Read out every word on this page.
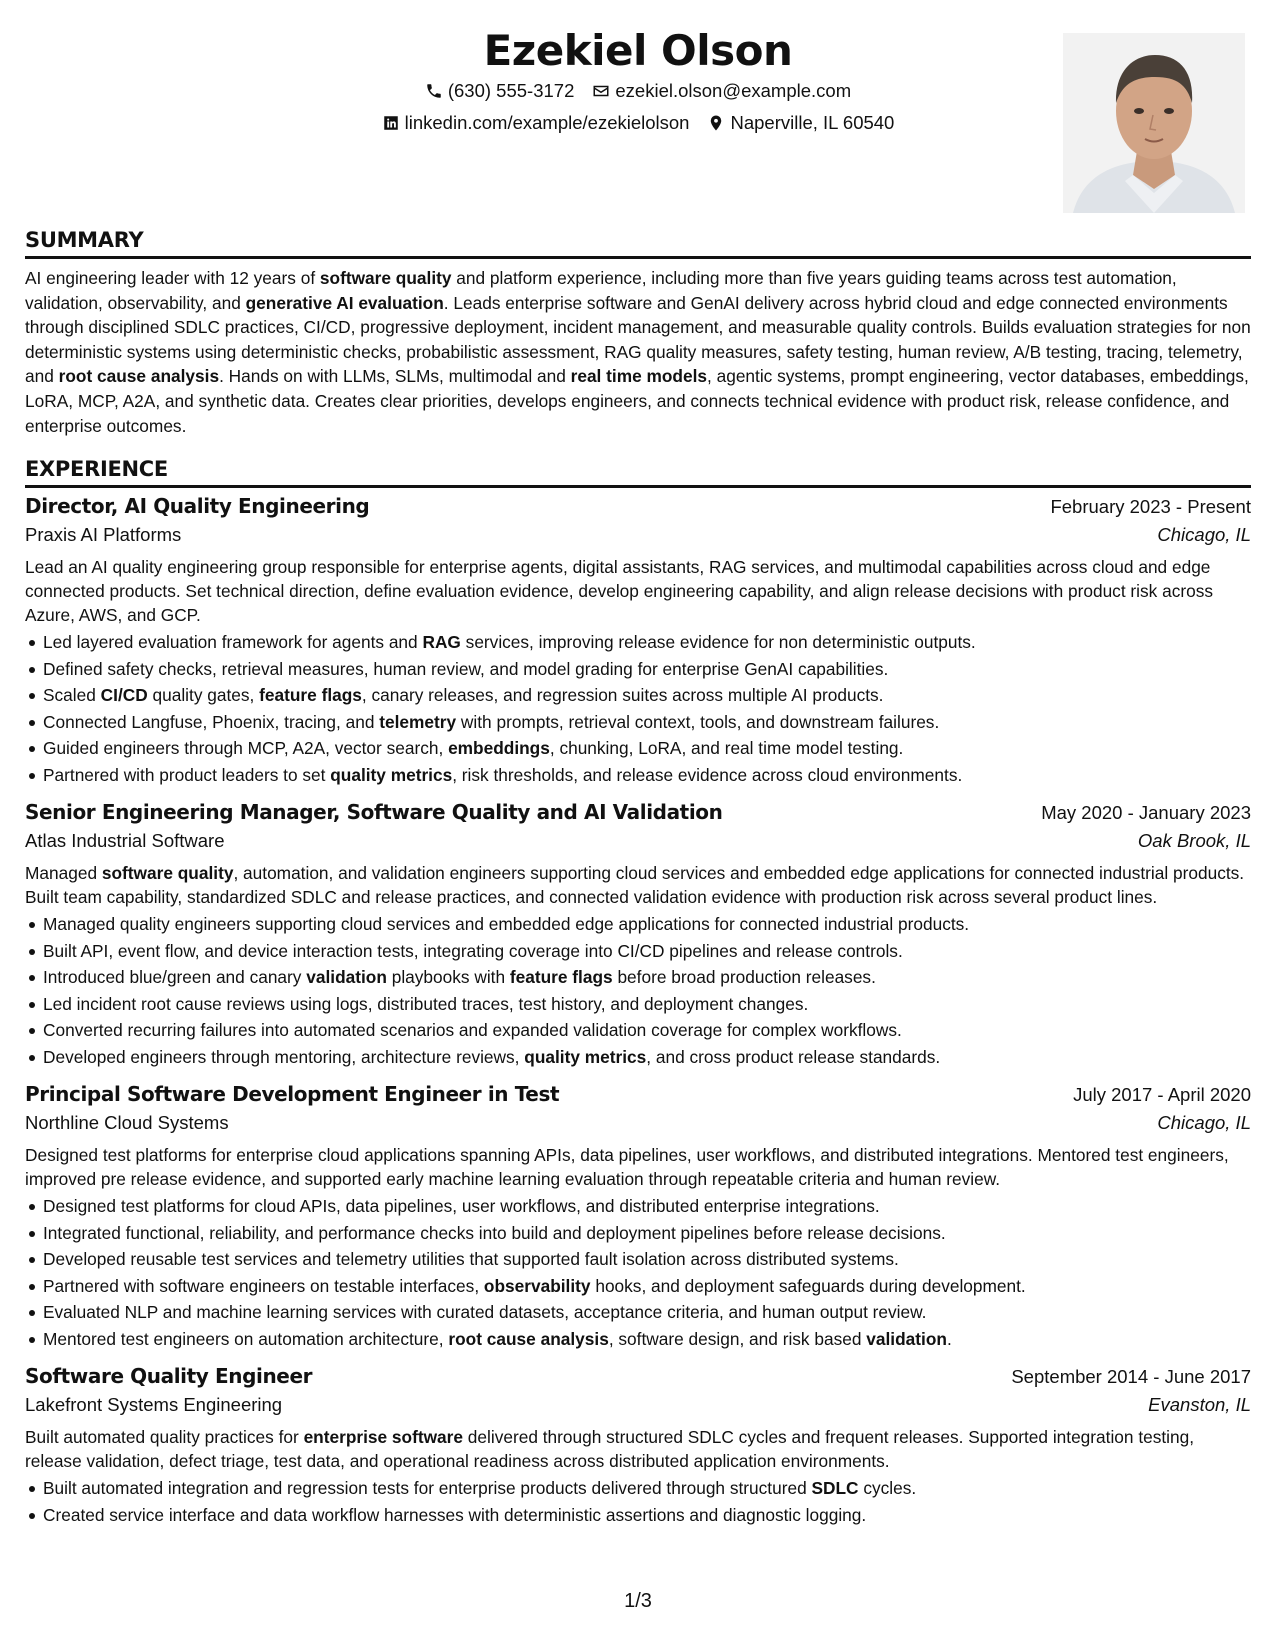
Ezekiel Olson
(630) 555-3172 ezekiel.olson@example.com
linkedin.com/example/ezekielolson Naperville, IL 60540
SUMMARY

AI engineering leader with 12 years of software quality and platform experience, including more than five years guiding teams across test automation, validation, observability, and generative AI evaluation. Leads enterprise software and GenAI delivery across hybrid cloud and edge connected environments through disciplined SDLC practices, CI/CD, progressive deployment, incident management, and measurable quality controls. Builds evaluation strategies for non deterministic systems using deterministic checks, probabilistic assessment, RAG quality measures, safety testing, human review, A/B testing, tracing, telemetry, and root cause analysis. Hands on with LLMs, SLMs, multimodal and real time models, agentic systems, prompt engineering, vector databases, embeddings, LoRA, MCP, A2A, and synthetic data. Creates clear priorities, develops engineers, and connects technical evidence with product risk, release confidence, and enterprise outcomes.

EXPERIENCE
Director, AI Quality Engineering	February 2023 - Present
Praxis AI Platforms	Chicago, IL

Lead an AI quality engineering group responsible for enterprise agents, digital assistants, RAG services, and multimodal capabilities across cloud and edge connected products. Set technical direction, define evaluation evidence, develop engineering capability, and align release decisions with product risk across Azure, AWS, and GCP.

Led layered evaluation framework for agents and RAG services, improving release evidence for non deterministic outputs.
Defined safety checks, retrieval measures, human review, and model grading for enterprise GenAI capabilities.
Scaled CI/CD quality gates, feature flags, canary releases, and regression suites across multiple AI products.
Connected Langfuse, Phoenix, tracing, and telemetry with prompts, retrieval context, tools, and downstream failures.
Guided engineers through MCP, A2A, vector search, embeddings, chunking, LoRA, and real time model testing.
Partnered with product leaders to set quality metrics, risk thresholds, and release evidence across cloud environments.
Senior Engineering Manager, Software Quality and AI Validation	May 2020 - January 2023
Atlas Industrial Software	Oak Brook, IL

Managed software quality, automation, and validation engineers supporting cloud services and embedded edge applications for connected industrial products. Built team capability, standardized SDLC and release practices, and connected validation evidence with production risk across several product lines.

Managed quality engineers supporting cloud services and embedded edge applications for connected industrial products.
Built API, event flow, and device interaction tests, integrating coverage into CI/CD pipelines and release controls.
Introduced blue/green and canary validation playbooks with feature flags before broad production releases.
Led incident root cause reviews using logs, distributed traces, test history, and deployment changes.
Converted recurring failures into automated scenarios and expanded validation coverage for complex workflows.
Developed engineers through mentoring, architecture reviews, quality metrics, and cross product release standards.
Principal Software Development Engineer in Test	July 2017 - April 2020
Northline Cloud Systems	Chicago, IL

Designed test platforms for enterprise cloud applications spanning APIs, data pipelines, user workflows, and distributed integrations. Mentored test engineers, improved pre release evidence, and supported early machine learning evaluation through repeatable criteria and human review.

Designed test platforms for cloud APIs, data pipelines, user workflows, and distributed enterprise integrations.
Integrated functional, reliability, and performance checks into build and deployment pipelines before release decisions.
Developed reusable test services and telemetry utilities that supported fault isolation across distributed systems.
Partnered with software engineers on testable interfaces, observability hooks, and deployment safeguards during development.
Evaluated NLP and machine learning services with curated datasets, acceptance criteria, and human output review.
Mentored test engineers on automation architecture, root cause analysis, software design, and risk based validation.
Software Quality Engineer	September 2014 - June 2017
Lakefront Systems Engineering	Evanston, IL

Built automated quality practices for enterprise software delivered through structured SDLC cycles and frequent releases. Supported integration testing, release validation, defect triage, test data, and operational readiness across distributed application environments.

Built automated integration and regression tests for enterprise products delivered through structured SDLC cycles.
Created service interface and data workflow harnesses with deterministic assertions and diagnostic logging.
1/3
